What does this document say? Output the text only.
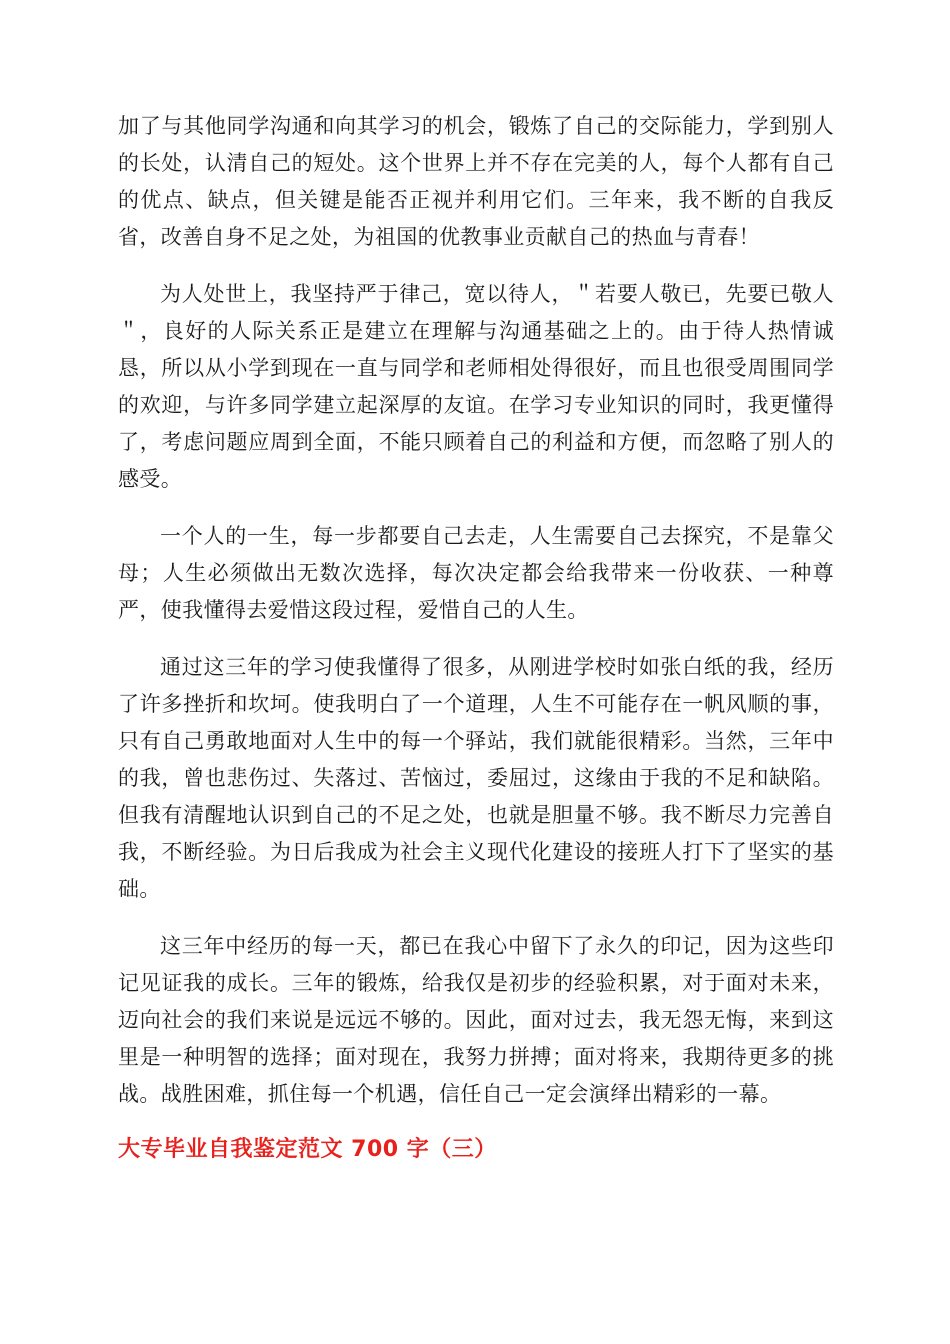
加了与其他同学沟通和向其学习的机会，锻炼了自己的交际能力，学到别人的长处，认清自己的短处。这个世界上并不存在完美的人，每个人都有自己的优点、缺点，但关键是能否正视并利用它们。三年来，我不断的自我反省，改善自身不足之处，为祖国的优教事业贡献自己的热血与青春！

为人处世上，我坚持严于律己，宽以待人，＂若要人敬已，先要已敬人＂，良好的人际关系正是建立在理解与沟通基础之上的。由于待人热情诚恳，所以从小学到现在一直与同学和老师相处得很好，而且也很受周围同学的欢迎，与许多同学建立起深厚的友谊。在学习专业知识的同时，我更懂得了，考虑问题应周到全面，不能只顾着自己的利益和方便，而忽略了别人的感受。

一个人的一生，每一步都要自己去走，人生需要自己去探究，不是靠父母；人生必须做出无数次选择，每次决定都会给我带来一份收获、一种尊严，使我懂得去爱惜这段过程，爱惜自己的人生。

通过这三年的学习使我懂得了很多，从刚进学校时如张白纸的我，经历了许多挫折和坎坷。使我明白了一个道理，人生不可能存在一帆风顺的事，只有自己勇敢地面对人生中的每一个驿站，我们就能很精彩。当然，三年中的我，曾也悲伤过、失落过、苦恼过，委屈过，这缘由于我的不足和缺陷。但我有清醒地认识到自己的不足之处，也就是胆量不够。我不断尽力完善自我，不断经验。为日后我成为社会主义现代化建设的接班人打下了坚实的基础。

这三年中经历的每一天，都已在我心中留下了永久的印记，因为这些印记见证我的成长。三年的锻炼，给我仅是初步的经验积累，对于面对未来，迈向社会的我们来说是远远不够的。因此，面对过去，我无怨无悔，来到这里是一种明智的选择；面对现在，我努力拼搏；面对将来，我期待更多的挑战。战胜困难，抓住每一个机遇，信任自己一定会演绎出精彩的一幕。

大专毕业自我鉴定范文 700 字（三）
